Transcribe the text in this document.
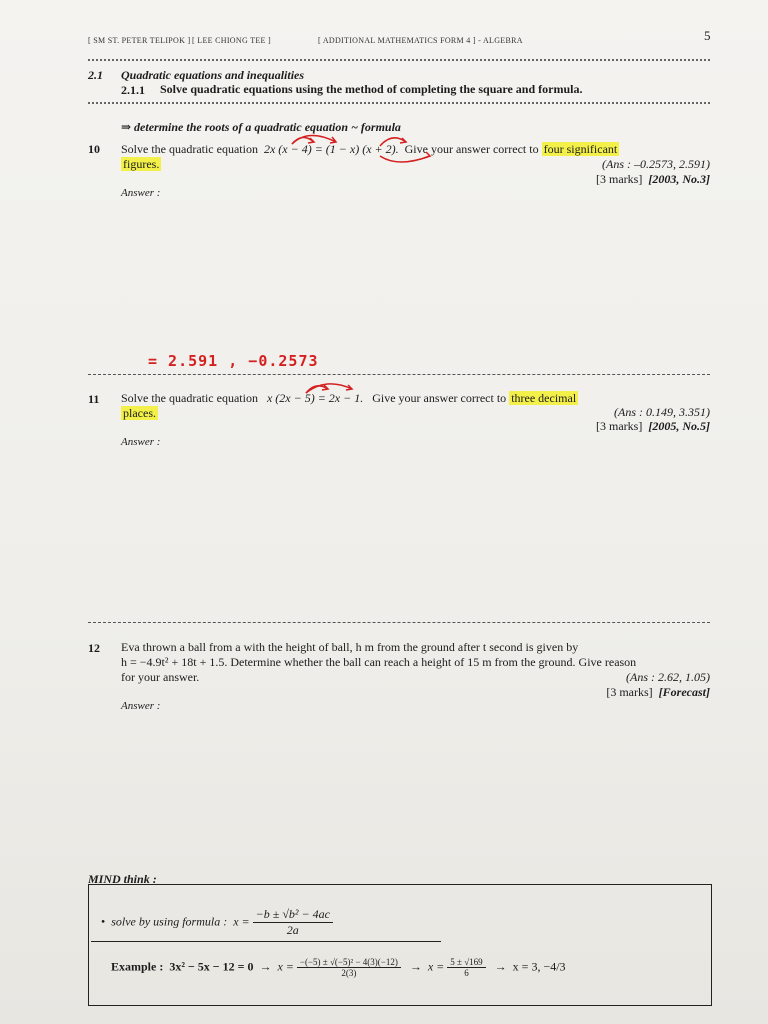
[ SM ST. PETER TELIPOK ] [ LEE CHIONG TEE ]	[ ADDITIONAL MATHEMATICS FORM 4 ] - ALGEBRA	5
2.1 Quadratic equations and inequalities
2.1.1 Solve quadratic equations using the method of completing the square and formula.
⇒ determine the roots of a quadratic equation ~ formula
10 Solve the quadratic equation 2x (x − 4) = (1 − x) (x + 2). Give your answer correct to four significant
figures.	(Ans : –0.2573, 2.591)
[3 marks] [2003, No.3]
Answer :
= 2.591 , −0.2573
11 Solve the quadratic equation x (2x − 5) = 2x − 1. Give your answer correct to three decimal
places.	(Ans : 0.149, 3.351)
[3 marks] [2005, No.5]
Answer :
12 Eva thrown a ball from a with the height of ball, h m from the ground after t second is given by
h = −4.9t² + 18t + 1.5. Determine whether the ball can reach a height of 15 m from the ground. Give reason
for your answer.	(Ans : 2.62, 1.05)
[3 marks] [Forecast]
Answer :
MIND think :
• solve by using formula : $x = \frac{\text{−b ± √b² − 4ac}}{2a}$
Example : $3x^2 - 5x - 12 = 0 \to x = \frac{\text{−(−5) ± √(−5)² − 4(3)(−12)}}{2(3)} \to x = \frac{5 \pm √169}{6} \to x = 3$, −4/3
